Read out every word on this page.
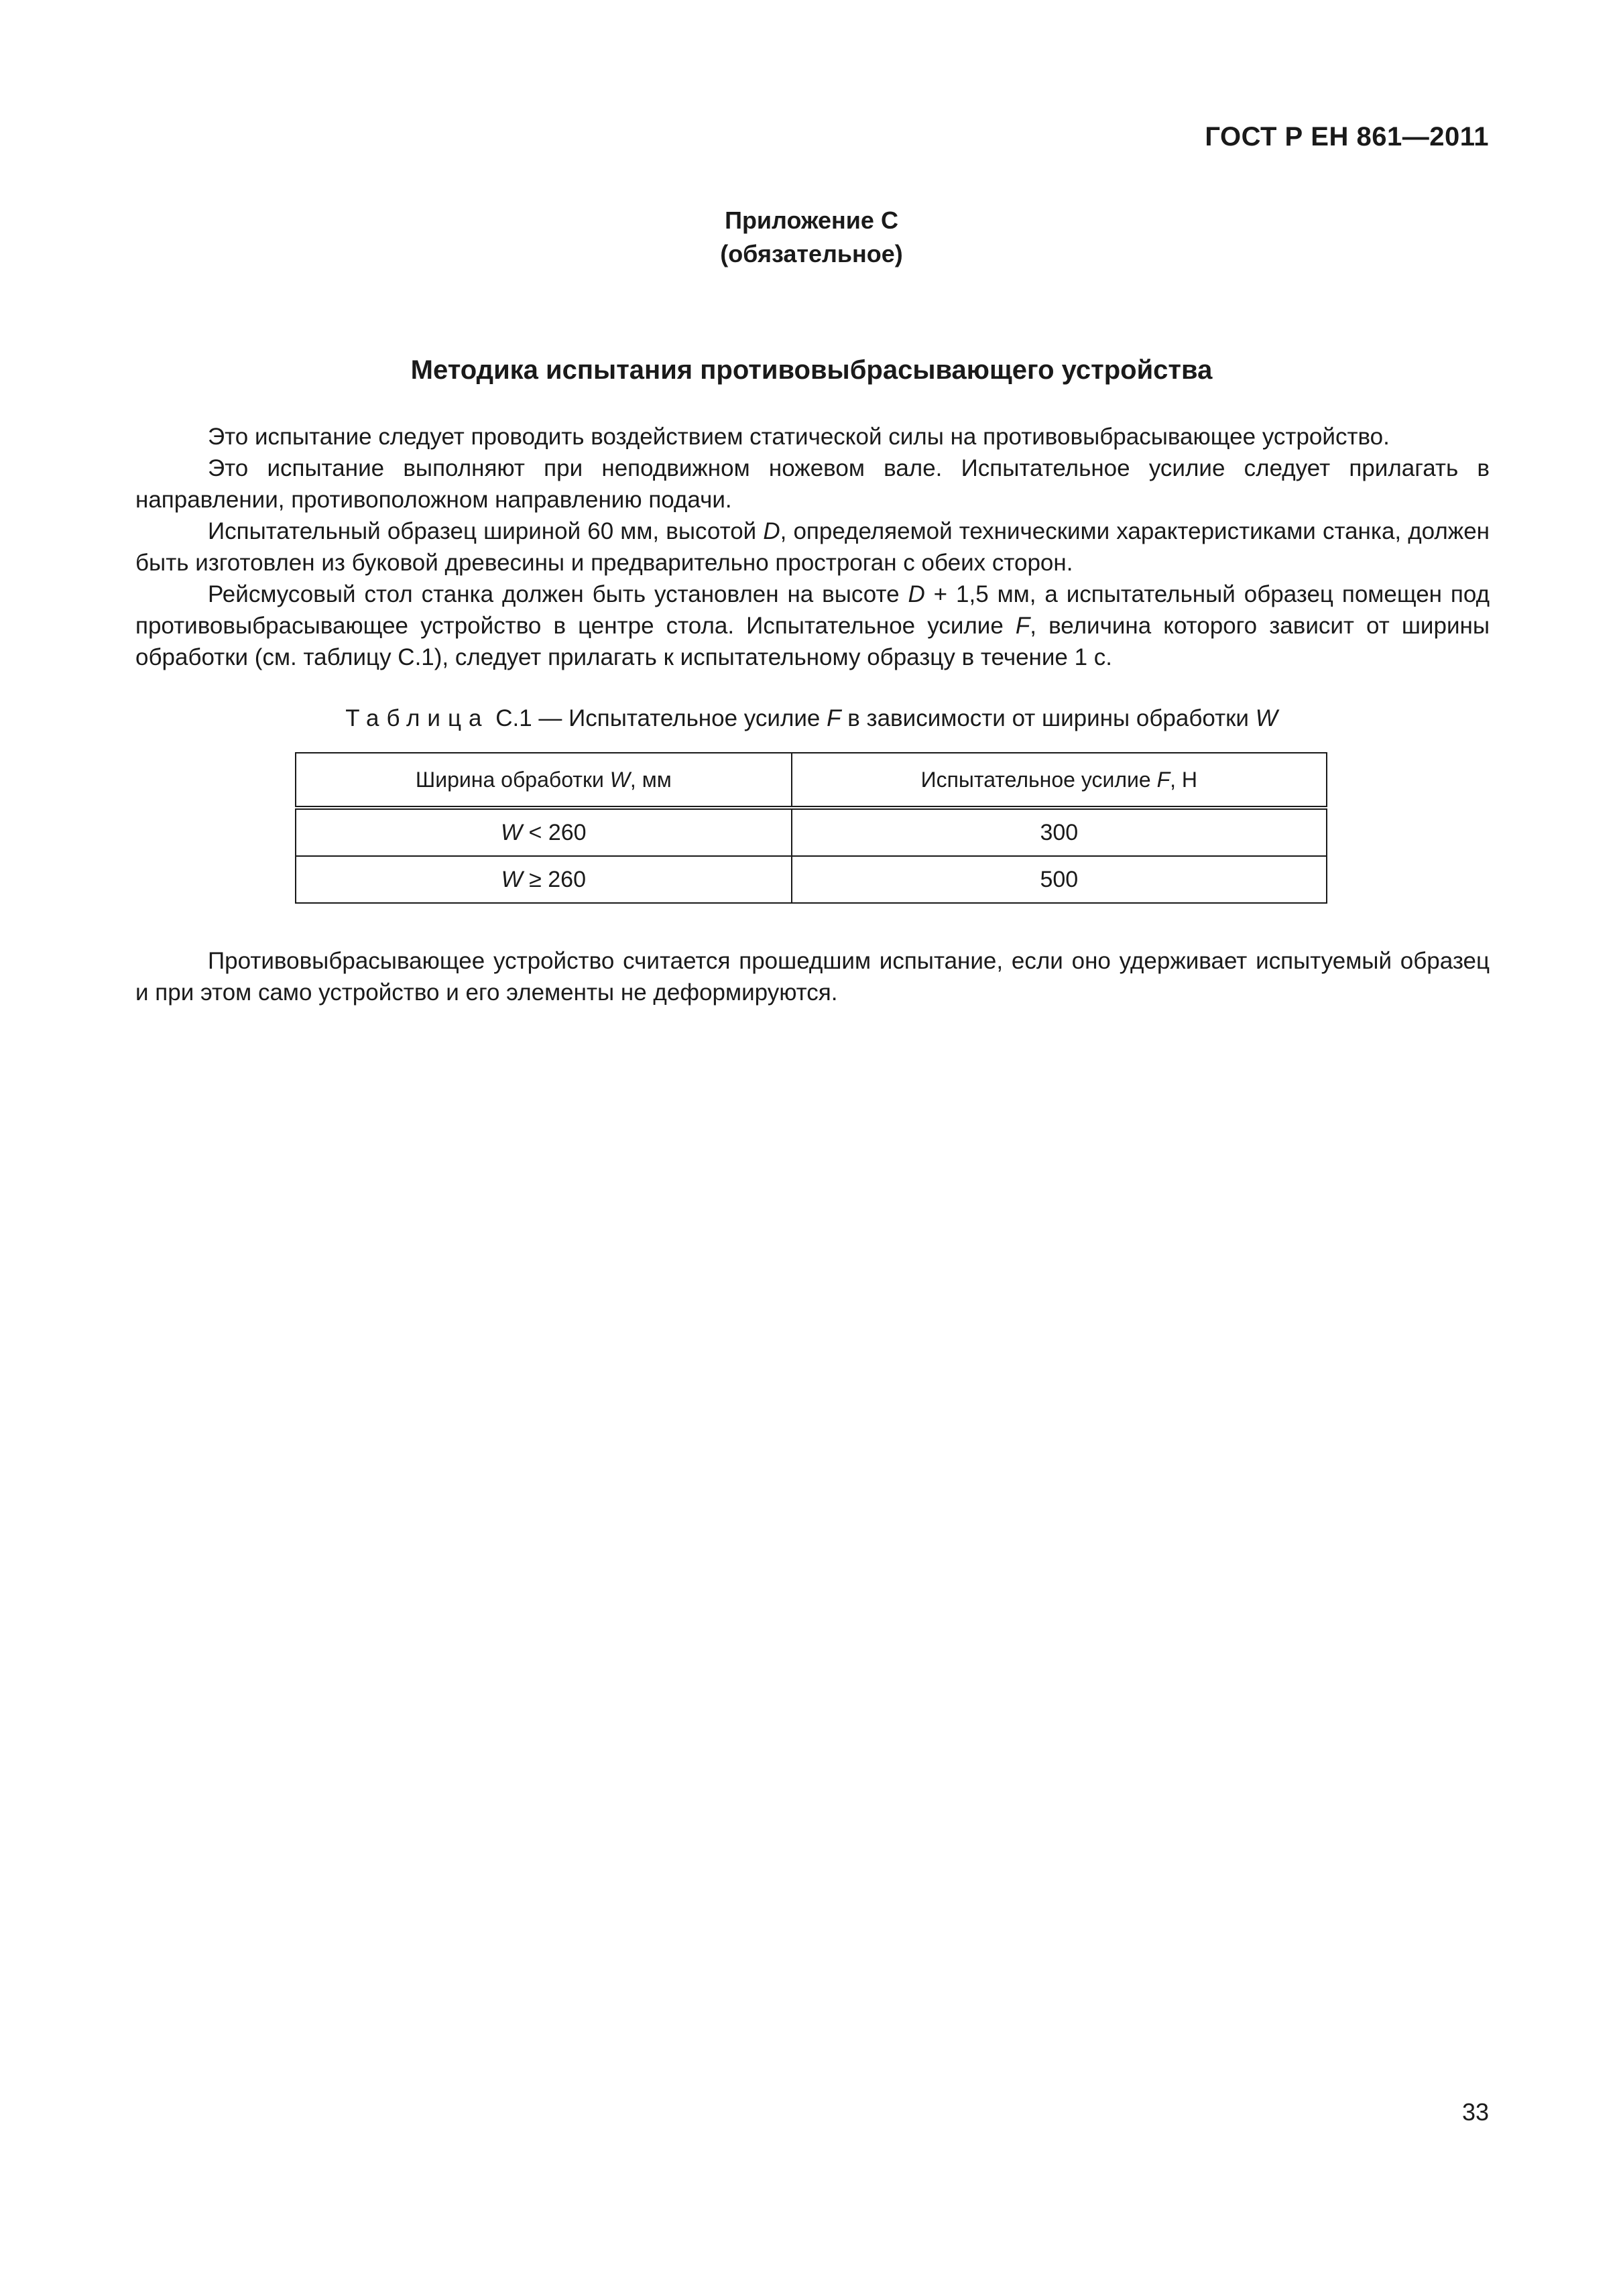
ГОСТ Р ЕН 861—2011
Приложение С
(обязательное)
Методика испытания противовыбрасывающего устройства

Это испытание следует проводить воздействием статической силы на противовыбрасывающее устройство.

Это испытание выполняют при неподвижном ножевом вале. Испытательное усилие следует прилагать в направлении, противоположном направлению подачи.

Испытательный образец шириной 60 мм, высотой D, определяемой техническими характеристиками станка, должен быть изготовлен из буковой древесины и предварительно простроган с обеих сторон.

Рейсмусовый стол станка должен быть установлен на высоте D + 1,5 мм, а испытательный образец помещен под противовыбрасывающее устройство в центре стола. Испытательное усилие F, величина которого зависит от ширины обработки (см. таблицу С.1), следует прилагать к испытательному образцу в течение 1 с.

Таблица С.1 — Испытательное усилие F в зависимости от ширины обработки W
Ширина обработки W, мм	Испытательное усилие F, Н
W < 260	300
W ≥ 260	500

Противовыбрасывающее устройство считается прошедшим испытание, если оно удерживает испытуемый образец и при этом само устройство и его элементы не деформируются.

33
